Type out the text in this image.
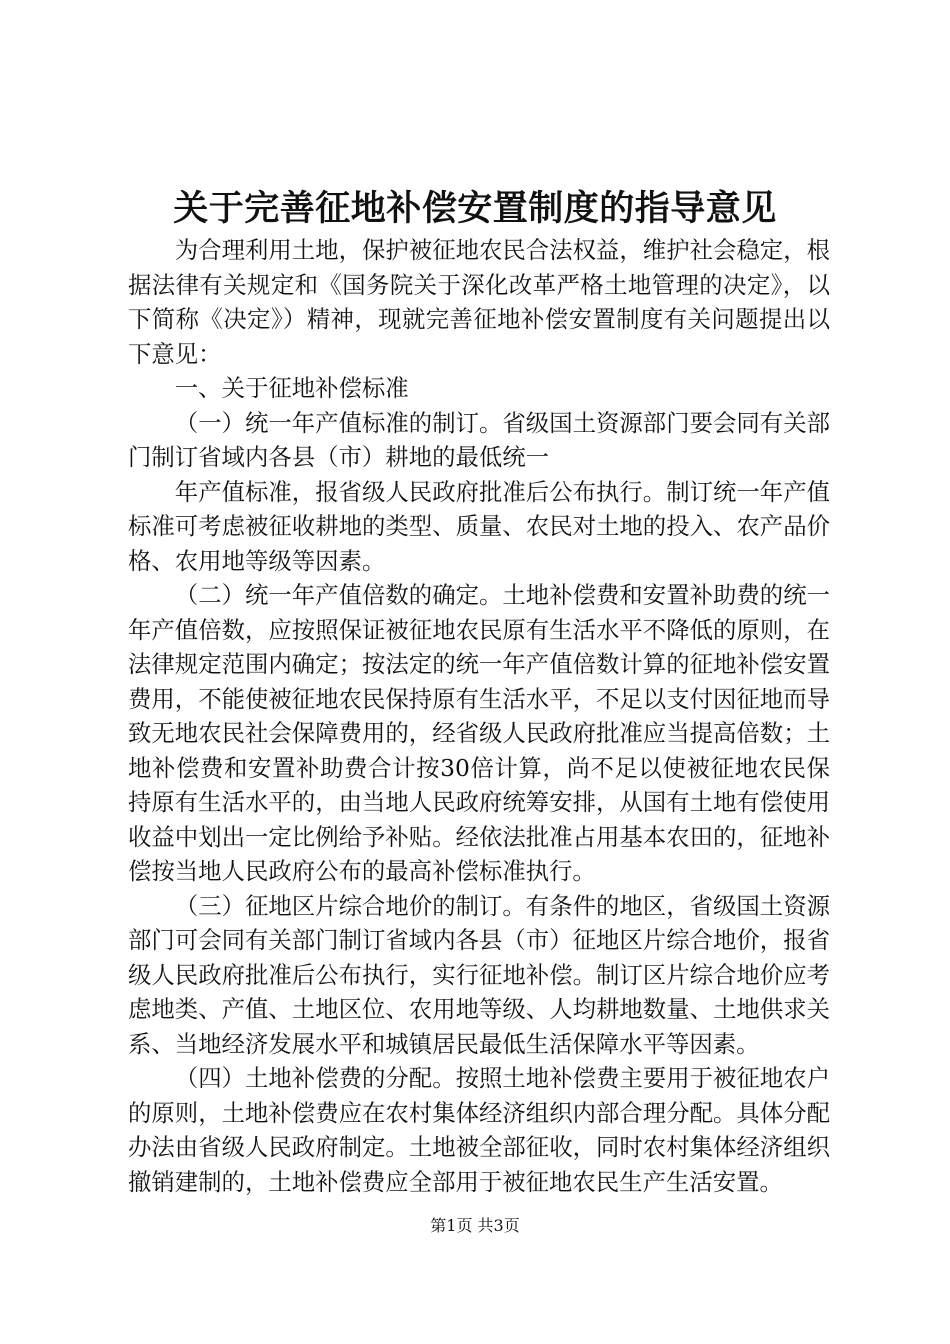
关于完善征地补偿安置制度的指导意见

为合理利用土地，保护被征地农民合法权益，维护社会稳定，根据法律有关规定和《国务院关于深化改革严格土地管理的决定》，以下简称《决定》）精神，现就完善征地补偿安置制度有关问题提出以下意见：

一、关于征地补偿标准

（一）统一年产值标准的制订。省级国土资源部门要会同有关部门制订省域内各县（市）耕地的最低统一

年产值标准，报省级人民政府批准后公布执行。制订统一年产值标准可考虑被征收耕地的类型、质量、农民对土地的投入、农产品价格、农用地等级等因素。

（二）统一年产值倍数的确定。土地补偿费和安置补助费的统一年产值倍数，应按照保证被征地农民原有生活水平不降低的原则，在法律规定范围内确定；按法定的统一年产值倍数计算的征地补偿安置费用，不能使被征地农民保持原有生活水平，不足以支付因征地而导致无地农民社会保障费用的，经省级人民政府批准应当提高倍数；土地补偿费和安置补助费合计按30倍计算，尚不足以使被征地农民保持原有生活水平的，由当地人民政府统筹安排，从国有土地有偿使用收益中划出一定比例给予补贴。经依法批准占用基本农田的，征地补偿按当地人民政府公布的最高补偿标准执行。

（三）征地区片综合地价的制订。有条件的地区，省级国土资源部门可会同有关部门制订省域内各县（市）征地区片综合地价，报省级人民政府批准后公布执行，实行征地补偿。制订区片综合地价应考虑地类、产值、土地区位、农用地等级、人均耕地数量、土地供求关系、当地经济发展水平和城镇居民最低生活保障水平等因素。

（四）土地补偿费的分配。按照土地补偿费主要用于被征地农户的原则，土地补偿费应在农村集体经济组织内部合理分配。具体分配办法由省级人民政府制定。土地被全部征收，同时农村集体经济组织撤销建制的，土地补偿费应全部用于被征地农民生产生活安置。

第1页 共3页
